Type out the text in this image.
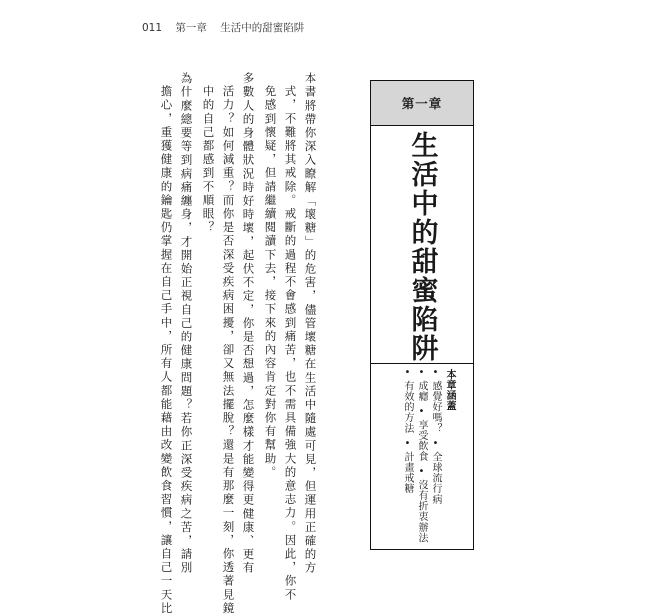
011 第一章 生活中的甜蜜陷阱
本書將帶你深入瞭解「壞糖」的危害，儘管壞糖在生活中隨處可見，但運用正確的方
式，不難將其戒除。戒斷的過程不會感到痛苦，也不需具備強大的意志力。因此，你不
免感到懷疑，但請繼續閱讀下去，接下來的內容肯定對你有幫助。
多數人的身體狀況時好時壞，起伏不定，你是否想過，怎麼樣才能變得更健康、更有
活力？如何減重？而你是否深受疾病困擾，卻又無法擺脫？還是有那麼一刻，你透著見鏡
中的自己都感到不順眼？
為什麼總要等到病痛纏身，才開始正視自己的健康問題？若你正深受疾病之苦，請別
擔心，重獲健康的鑰匙仍掌握在自己手中，所有人都能藉由改變飲食習慣，讓自己一天比	第一章
生活中的甜蜜陷阱
本章涵蓋
• 感覺好嗎？• 全球流行病
• 成癮• 享受飲食• 沒有折衷辦法
• 有效的方法• 計畫戒糖
